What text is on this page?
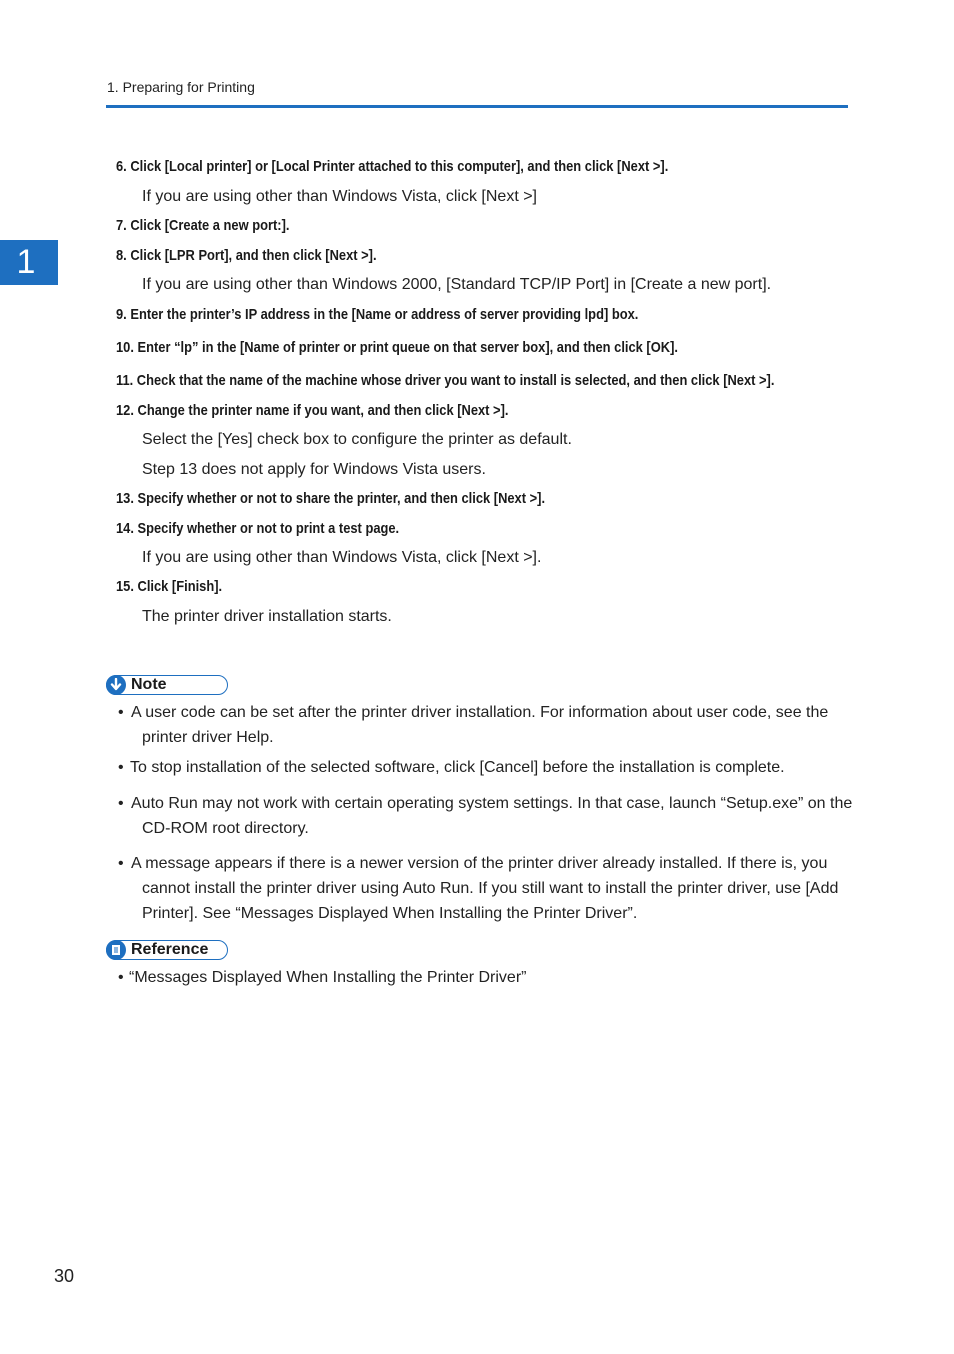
1. Preparing for Printing
1
6. Click [Local printer] or [Local Printer attached to this computer], and then click [Next >].
If you are using other than Windows Vista, click [Next >]
7. Click [Create a new port:].
8. Click [LPR Port], and then click [Next >].
If you are using other than Windows 2000, [Standard TCP/IP Port] in [Create a new port].
9. Enter the printer’s IP address in the [Name or address of server providing lpd] box.
10. Enter “lp” in the [Name of printer or print queue on that server box], and then click [OK].
11. Check that the name of the machine whose driver you want to install is selected, and then click [Next >].
12. Change the printer name if you want, and then click [Next >].
Select the [Yes] check box to configure the printer as default.
Step 13 does not apply for Windows Vista users.
13. Specify whether or not to share the printer, and then click [Next >].
14. Specify whether or not to print a test page.
If you are using other than Windows Vista, click [Next >].
15. Click [Finish].
The printer driver installation starts.
Note
• A user code can be set after the printer driver installation. For information about user code, see the printer driver Help.
• To stop installation of the selected software, click [Cancel] before the installation is complete.
• Auto Run may not work with certain operating system settings. In that case, launch “Setup.exe” on the CD-ROM root directory.
• A message appears if there is a newer version of the printer driver already installed. If there is, you cannot install the printer driver using Auto Run. If you still want to install the printer driver, use [Add Printer]. See “Messages Displayed When Installing the Printer Driver”.
Reference
• “Messages Displayed When Installing the Printer Driver”
30
